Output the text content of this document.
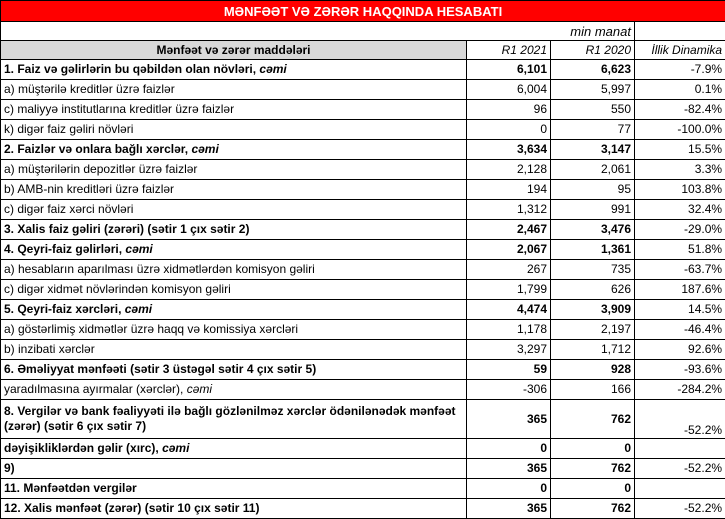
MƏNFƏƏT VƏ ZƏRƏR HAQQINDA HESABATI			
min manat			
Mənfəət və zərər maddələri	R1 2021	R1 2020	İllik Dinamika
1. Faiz və gəlirlərin bu qəbildən olan növləri, cəmi	6,101	6,623	-7.9%
a) müştərilə kreditlər üzrə faizlər	6,004	5,997	0.1%
c) maliyyə institutlarına kreditlər üzrə faizlər	96	550	-82.4%
k) digər faiz gəliri növləri	0	77	-100.0%
2. Faizlər və onlara bağlı xərclər, cəmi	3,634	3,147	15.5%
a) müştərilərin depozitlər üzrə faizlər	2,128	2,061	3.3%
b) AMB-nin kreditləri üzrə faizlər	194	95	103.8%
c) digər faiz xərci növləri	1,312	991	32.4%
3. Xalis faiz gəliri (zərəri) (sətir 1 çıx sətir 2)	2,467	3,476	-29.0%
4. Qeyri-faiz gəlirləri, cəmi	2,067	1,361	51.8%
a) hesabların aparılması üzrə xidmətlərdən komisyon gəliri	267	735	-63.7%
c) digər xidmət növlərindən komisyon gəliri	1,799	626	187.6%
5. Qeyri-faiz xərcləri, cəmi	4,474	3,909	14.5%
a) göstərlimiş xidmətlər üzrə haqq və komissiya xərcləri	1,178	2,197	-46.4%
b) inzibati xərclər	3,297	1,712	92.6%
6. Əməliyyat mənfəəti (sətir 3 üstəgəl sətir 4 çıx sətir 5)	59	928	-93.6%
yaradılmasına ayırmalar (xərclər), cəmi	-306	166	-284.2%
8. Vergilər və bank fəaliyyəti ilə bağlı gözlənilməz xərclər ödənilənədək mənfəət (zərər) (sətir 6 çıx sətir 7)	365	762	-52.2%
dəyişikliklərdən gəlir (xırc), cəmi	0	0	
9)	365	762	-52.2%
11. Mənfəətdən vergilər	0	0	
12. Xalis mənfəət (zərər) (sətir 10 çıx sətir 11)	365	762	-52.2%
